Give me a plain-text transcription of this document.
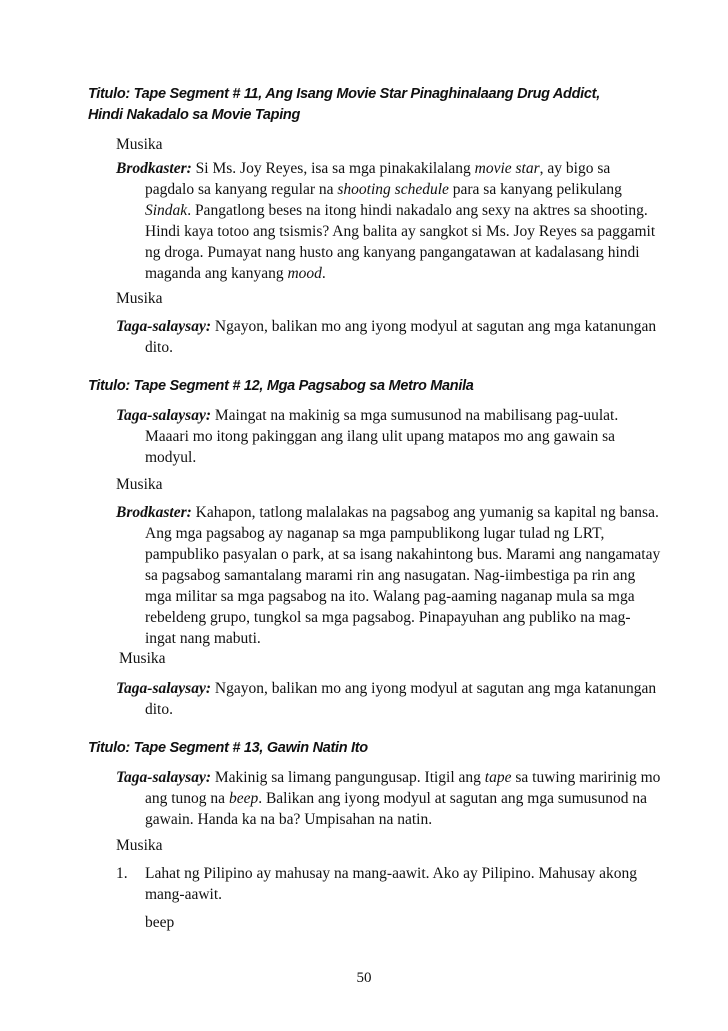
Titulo: Tape Segment # 11, Ang Isang Movie Star Pinaghinalaang Drug Addict, Hindi Nakadalo sa Movie Taping
Musika
Brodkaster: Si Ms. Joy Reyes, isa sa mga pinakakilalang movie star, ay bigo sa pagdalo sa kanyang regular na shooting schedule para sa kanyang pelikulang Sindak. Pangatlong beses na itong hindi nakadalo ang sexy na aktres sa shooting. Hindi kaya totoo ang tsismis? Ang balita ay sangkot si Ms. Joy Reyes sa paggamit ng droga. Pumayat nang husto ang kanyang pangangatawan at kadalasang hindi maganda ang kanyang mood.
Musika
Taga-salaysay: Ngayon, balikan mo ang iyong modyul at sagutan ang mga katanungan dito.
Titulo: Tape Segment # 12, Mga Pagsabog sa Metro Manila
Taga-salaysay: Maingat na makinig sa mga sumusunod na mabilisang pag-uulat. Maaari mo itong pakinggan ang ilang ulit upang matapos mo ang gawain sa modyul.
Musika
Brodkaster: Kahapon, tatlong malalakas na pagsabog ang yumanig sa kapital ng bansa. Ang mga pagsabog ay naganap sa mga pampublikong lugar tulad ng LRT, pampubliko pasyalan o park, at sa isang nakahintong bus. Marami ang nangamatay sa pagsabog samantalang marami rin ang nasugatan. Nag-iimbestiga pa rin ang mga militar sa mga pagsabog na ito. Walang pag-aaming naganap mula sa mga rebeldeng grupo, tungkol sa mga pagsabog. Pinapayuhan ang publiko na mag-ingat nang mabuti.
Musika
Taga-salaysay: Ngayon, balikan mo ang iyong modyul at sagutan ang mga katanungan dito.
Titulo: Tape Segment # 13, Gawin Natin Ito
Taga-salaysay: Makinig sa limang pangungusap. Itigil ang tape sa tuwing maririnig mo ang tunog na beep. Balikan ang iyong modyul at sagutan ang mga sumusunod na gawain. Handa ka na ba? Umpisahan na natin.
Musika
1. Lahat ng Pilipino ay mahusay na mang-aawit. Ako ay Pilipino. Mahusay akong mang-aawit.
beep
50
